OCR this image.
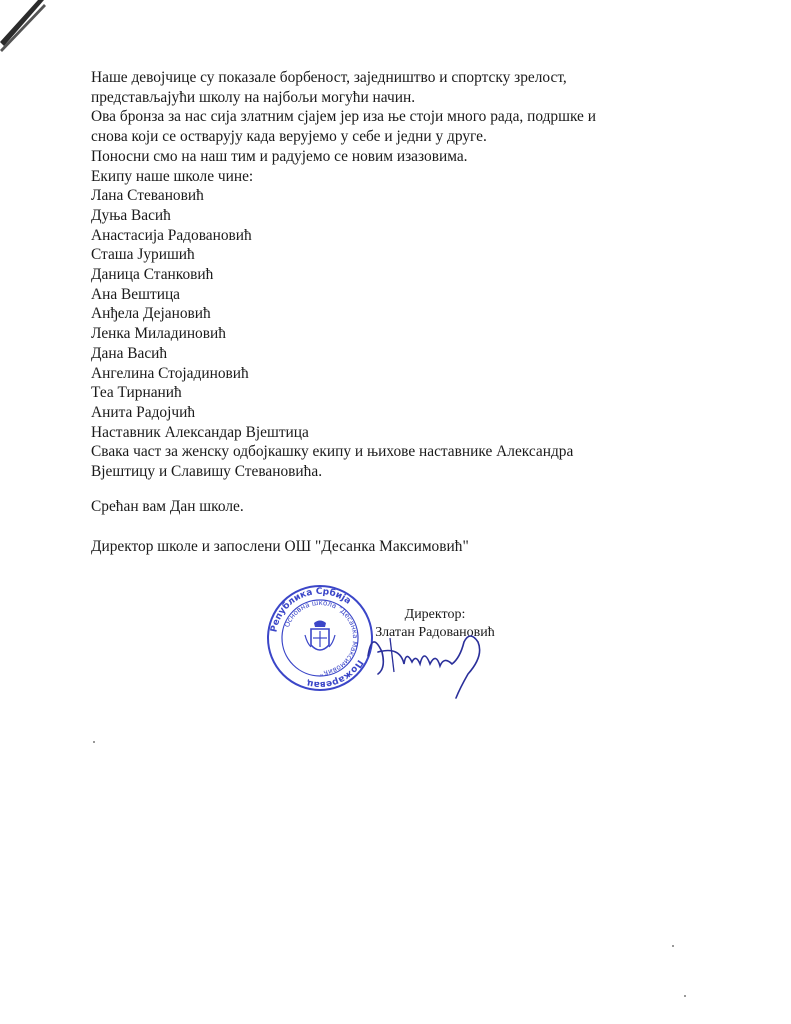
Наше девојчице су показале борбеност, заједништво и спортску зрелост,
представљајући школу на најбољи могући начин.
Ова бронза за нас сија златним сјајем јер иза ње стоји много рада, подршке и
снова који се остварују када верујемо у себе и једни у друге.
Поносни смо на наш тим и радујемо се новим изазовима.
Екипу наше школе чине:
Лана Стевановић
Дуња Васић
Анастасија Радовановић
Сташа Јуришић
Даница Станковић
Ана Вештица
Анђела Дејановић
Ленка Миладиновић
Дана Васић
Ангелина Стојадиновић
Теа Тирнанић
Анита Радојчић
Наставник Александар Вјештица
Свака част за женску одбојкашку екипу и њихове наставнике Александра
Вјештицу и Славишу Стевановића.
Срећан вам Дан школе.
Директор школе и запослени ОШ "Десанка Максимовић"
Република Србија
Пожаревац
Основна школа "Десанка Максимовић"
Директор:
Златан Радовановић
